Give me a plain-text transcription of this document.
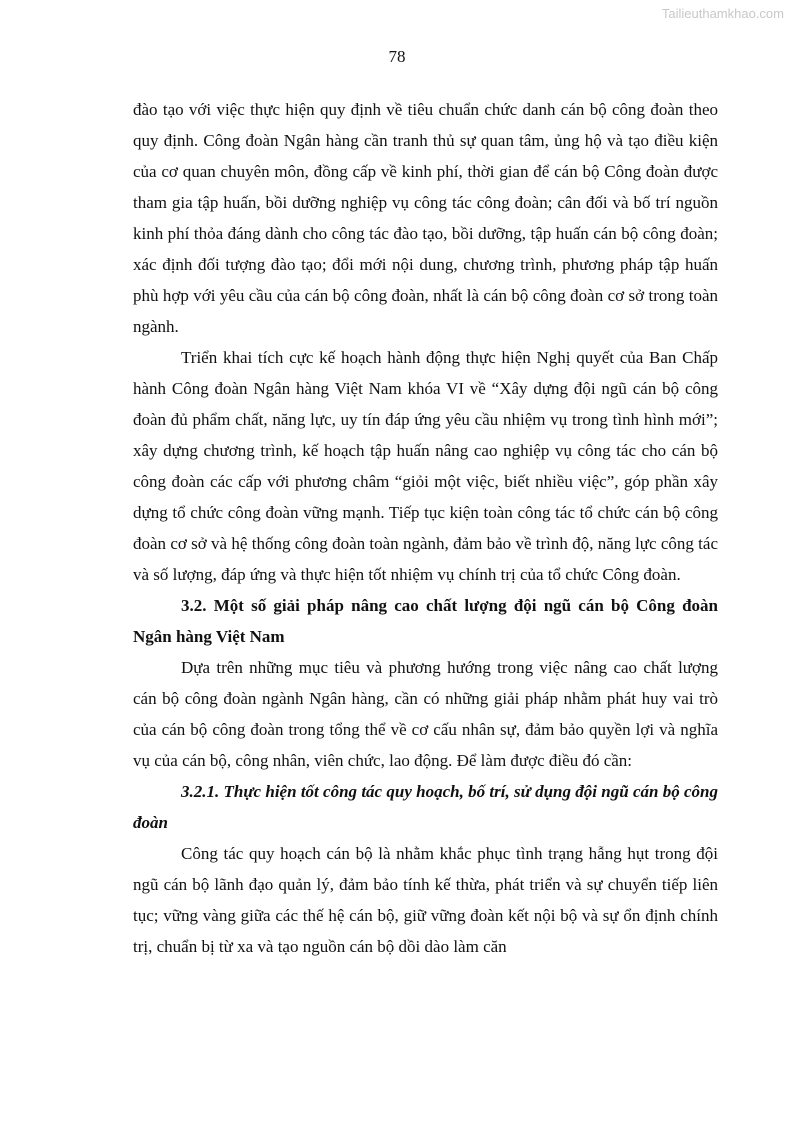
Tailieuthamkhao.com
78

đào tạo với việc thực hiện quy định về tiêu chuẩn chức danh cán bộ công đoàn theo quy định. Công đoàn Ngân hàng cần tranh thủ sự quan tâm, ủng hộ và tạo điều kiện của cơ quan chuyên môn, đồng cấp về kinh phí, thời gian để cán bộ Công đoàn được tham gia tập huấn, bồi dưỡng nghiệp vụ công tác công đoàn; cân đối và bố trí nguồn kinh phí thỏa đáng dành cho công tác đào tạo, bồi dưỡng, tập huấn cán bộ công đoàn; xác định đối tượng đào tạo; đổi mới nội dung, chương trình, phương pháp tập huấn phù hợp với yêu cầu của cán bộ công đoàn, nhất là cán bộ công đoàn cơ sở trong toàn ngành.

Triển khai tích cực kế hoạch hành động thực hiện Nghị quyết của Ban Chấp hành Công đoàn Ngân hàng Việt Nam khóa VI về “Xây dựng đội ngũ cán bộ công đoàn đủ phẩm chất, năng lực, uy tín đáp ứng yêu cầu nhiệm vụ trong tình hình mới”; xây dựng chương trình, kế hoạch tập huấn nâng cao nghiệp vụ công tác cho cán bộ công đoàn các cấp với phương châm “giỏi một việc, biết nhiều việc”, góp phần xây dựng tổ chức công đoàn vững mạnh. Tiếp tục kiện toàn công tác tổ chức cán bộ công đoàn cơ sở và hệ thống công đoàn toàn ngành, đảm bảo về trình độ, năng lực công tác và số lượng, đáp ứng và thực hiện tốt nhiệm vụ chính trị của tổ chức Công đoàn.

3.2. Một số giải pháp nâng cao chất lượng đội ngũ cán bộ Công đoàn Ngân hàng Việt Nam

Dựa trên những mục tiêu và phương hướng trong việc nâng cao chất lượng cán bộ công đoàn ngành Ngân hàng, cần có những giải pháp nhằm phát huy vai trò của cán bộ công đoàn trong tổng thể về cơ cấu nhân sự, đảm bảo quyền lợi và nghĩa vụ của cán bộ, công nhân, viên chức, lao động. Để làm được điều đó cần:

3.2.1. Thực hiện tốt công tác quy hoạch, bố trí, sử dụng đội ngũ cán bộ công đoàn

Công tác quy hoạch cán bộ là nhằm khắc phục tình trạng hẫng hụt trong đội ngũ cán bộ lãnh đạo quản lý, đảm bảo tính kế thừa, phát triển và sự chuyển tiếp liên tục; vững vàng giữa các thế hệ cán bộ, giữ vững đoàn kết nội bộ và sự ổn định chính trị, chuẩn bị từ xa và tạo nguồn cán bộ dồi dào làm căn
